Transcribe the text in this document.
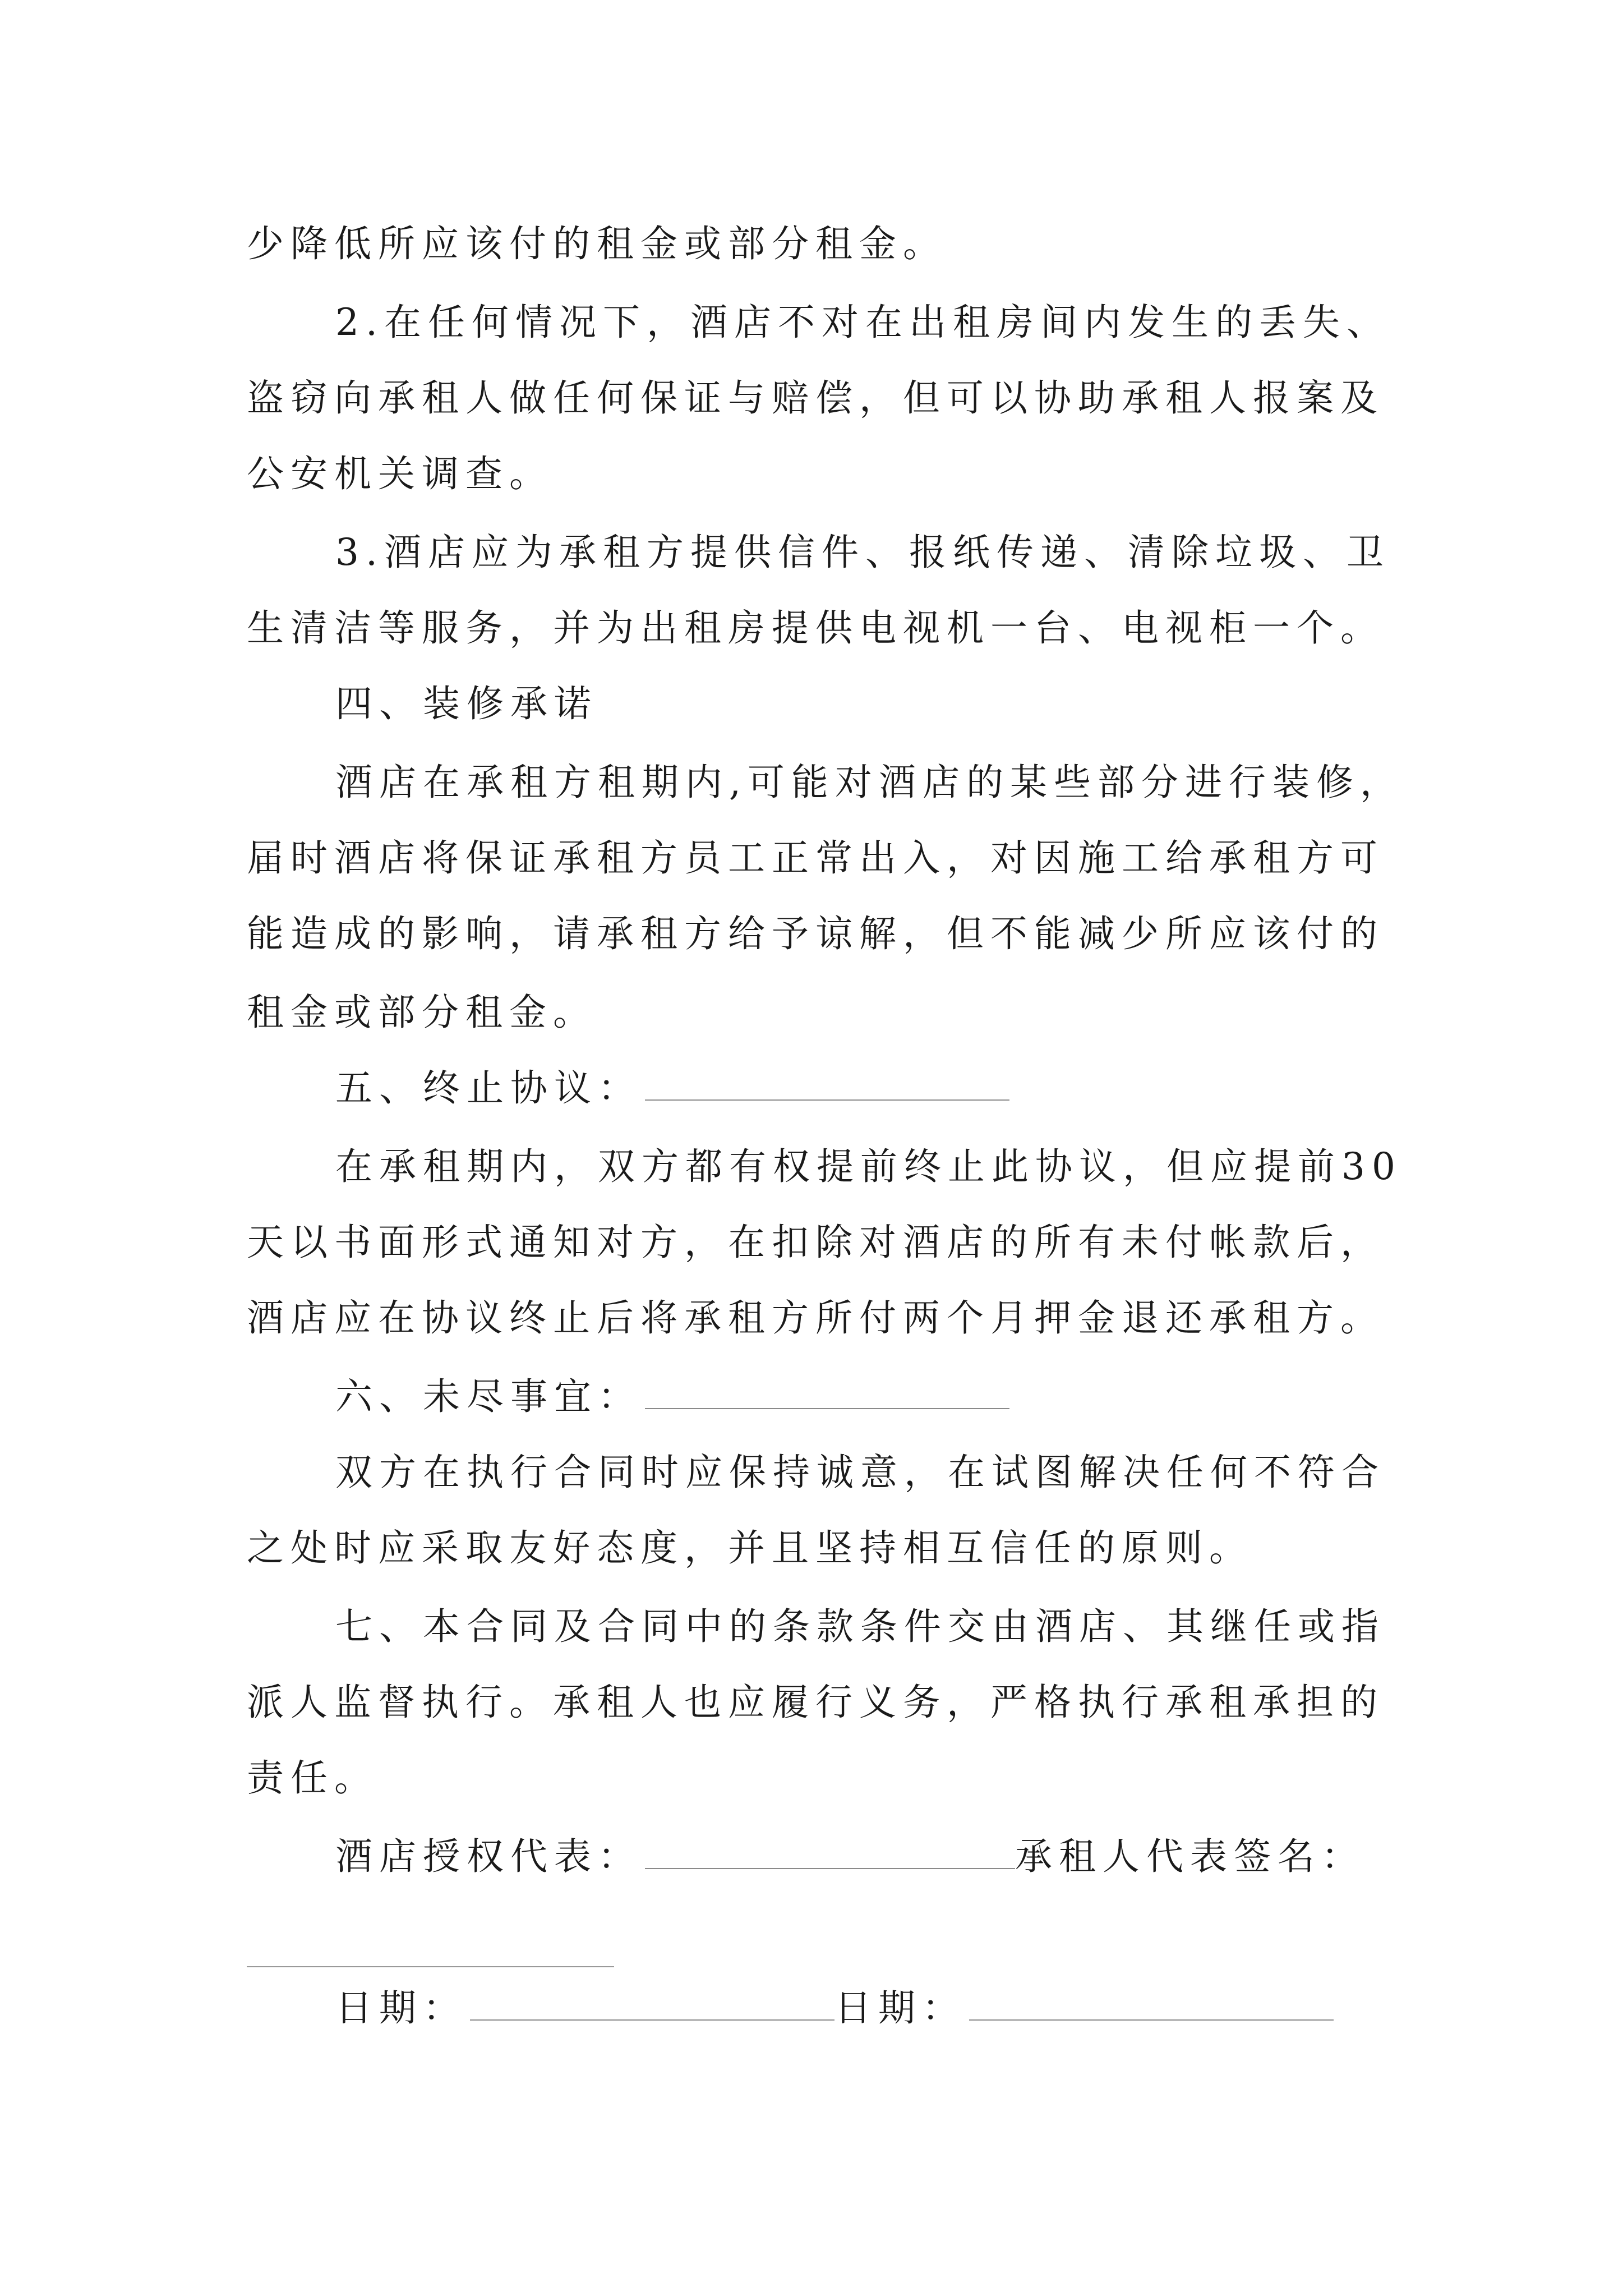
少降低所应该付的租金或部分租金。
2.在任何情况下，酒店不对在出租房间内发生的丢失、
盗窃向承租人做任何保证与赔偿，但可以协助承租人报案及
公安机关调查。
3.酒店应为承租方提供信件、报纸传递、清除垃圾、卫
生清洁等服务，并为出租房提供电视机一台、电视柜一个。
四、装修承诺
酒店在承租方租期内,可能对酒店的某些部分进行装修，
届时酒店将保证承租方员工正常出入，对因施工给承租方可
能造成的影响，请承租方给予谅解，但不能减少所应该付的
租金或部分租金。
五、终止协议：
在承租期内，双方都有权提前终止此协议，但应提前30
天以书面形式通知对方，在扣除对酒店的所有未付帐款后，
酒店应在协议终止后将承租方所付两个月押金退还承租方。
六、未尽事宜：
双方在执行合同时应保持诚意，在试图解决任何不符合
之处时应采取友好态度，并且坚持相互信任的原则。
七、本合同及合同中的条款条件交由酒店、其继任或指
派人监督执行。承租人也应履行义务，严格执行承租承担的
责任。
酒店授权代表：	承租人代表签名：
日期：	日期：
